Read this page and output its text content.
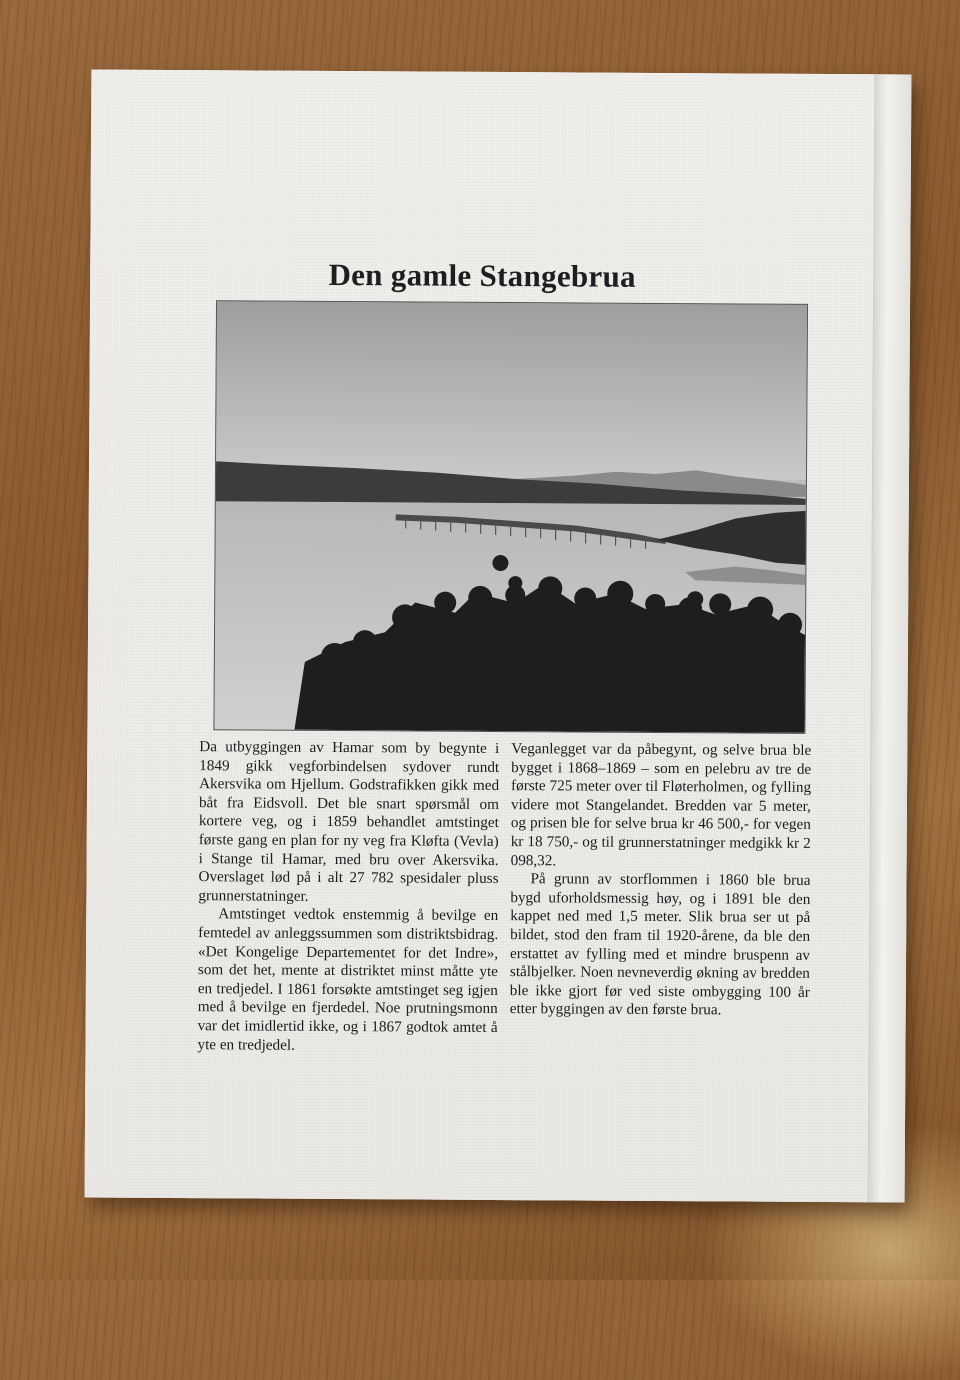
Den gamle Stangebrua

Da utbyggingen av Hamar som by begynte i 1849 gikk vegforbindelsen sydover rundt Akersvika om Hjellum. Godstrafikken gikk med båt fra Eidsvoll. Det ble snart spørsmål om kortere veg, og i 1859 behandlet amtstinget første gang en plan for ny veg fra Kløfta (Vevla) i Stange til Hamar, med bru over Akersvika. Overslaget lød på i alt 27 782 spesidaler pluss grunnerstatninger.

Amtstinget vedtok enstemmig å bevilge en femtedel av anleggssummen som distriktsbidrag. «Det Kongelige Departementet for det Indre», som det het, mente at distriktet minst måtte yte en tredjedel. I 1861 forsøkte amtstinget seg igjen med å bevilge en fjerdedel. Noe prutningsmonn var det imidlertid ikke, og i 1867 godtok amtet å yte en tredjedel.

Veganlegget var da påbegynt, og selve brua ble bygget i 1868–1869 – som en pelebru av tre de første 725 meter over til Fløterholmen, og fylling videre mot Stangelandet. Bredden var 5 meter, og prisen ble for selve brua kr 46 500,- for vegen kr 18 750,- og til grunnerstatninger medgikk kr 2 098,32.

På grunn av storflommen i 1860 ble brua bygd uforholdsmessig høy, og i 1891 ble den kappet ned med 1,5 meter. Slik brua ser ut på bildet, stod den fram til 1920-årene, da ble den erstattet av fylling med et mindre bruspenn av stålbjelker. Noen nevneverdig økning av bredden ble ikke gjort før ved siste ombygging 100 år etter byggingen av den første brua.
